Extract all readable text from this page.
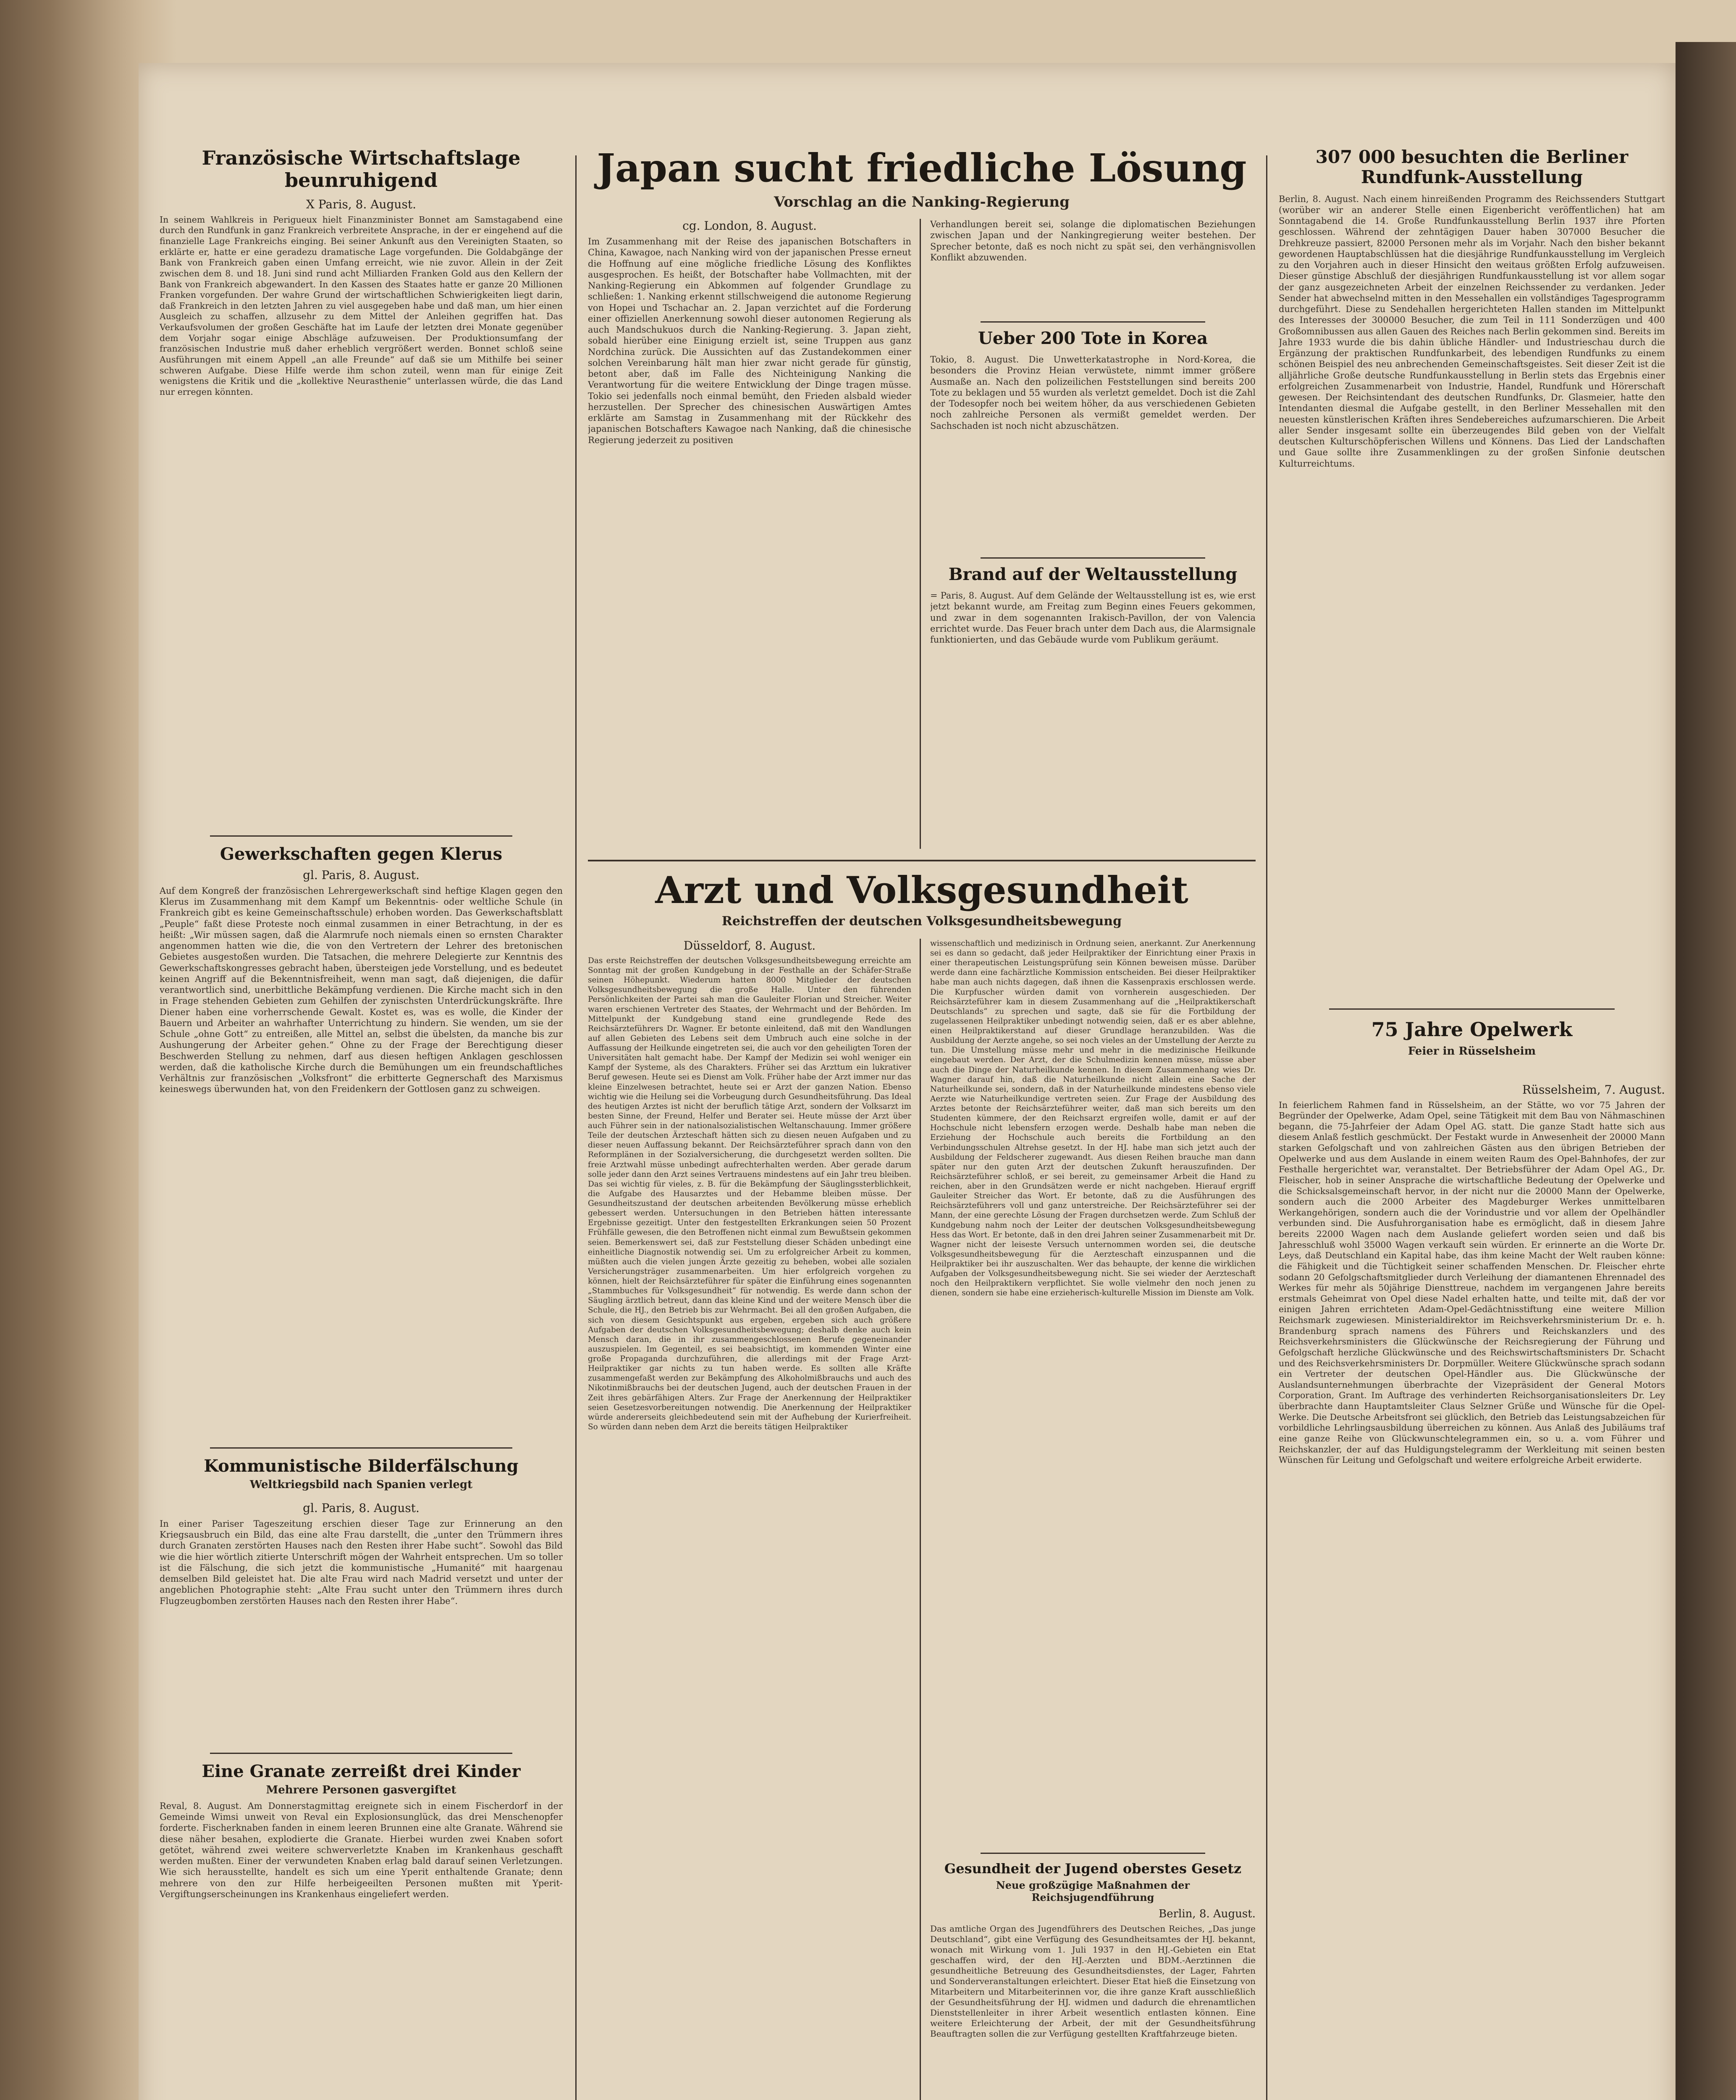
Französische Wirtschaftslage beunruhigend
X Paris, 8. August.
In seinem Wahlkreis in Perigueux hielt Finanzminister Bonnet am Samstagabend eine durch den Rundfunk in ganz Frankreich verbreitete Ansprache, in der er eingehend auf die finanzielle Lage Frankreichs einging. Bei seiner Ankunft aus den Vereinigten Staaten, so erklärte er, hatte er eine geradezu dramatische Lage vorgefunden. Die Goldabgänge der Bank von Frankreich gaben einen Umfang erreicht, wie nie zuvor. Allein in der Zeit zwischen dem 8. und 18. Juni sind rund acht Milliarden Franken Gold aus den Kellern der Bank von Frankreich abgewandert. In den Kassen des Staates hatte er ganze 20 Millionen Franken vorgefunden. Der wahre Grund der wirtschaftlichen Schwierigkeiten liegt darin, daß Frankreich in den letzten Jahren zu viel ausgegeben habe und daß man, um hier einen Ausgleich zu schaffen, allzusehr zu dem Mittel der Anleihen gegriffen hat. Das Verkaufsvolumen der großen Geschäfte hat im Laufe der letzten drei Monate gegenüber dem Vorjahr sogar einige Abschläge aufzuweisen. Der Produktionsumfang der französischen Industrie muß daher erheblich vergrößert werden. Bonnet schloß seine Ausführungen mit einem Appell „an alle Freunde“ auf daß sie um Mithilfe bei seiner schweren Aufgabe. Diese Hilfe werde ihm schon zuteil, wenn man für einige Zeit wenigstens die Kritik und die „kollektive Neurasthenie“ unterlassen würde, die das Land nur erregen könnten.
Gewerkschaften gegen Klerus
gl. Paris, 8. August.
Auf dem Kongreß der französischen Lehrergewerkschaft sind heftige Klagen gegen den Klerus im Zusammenhang mit dem Kampf um Bekenntnis- oder weltliche Schule (in Frankreich gibt es keine Gemeinschaftsschule) erhoben worden. Das Gewerkschaftsblatt „Peuple“ faßt diese Proteste noch einmal zusammen in einer Betrachtung, in der es heißt: „Wir müssen sagen, daß die Alarmrufe noch niemals einen so ernsten Charakter angenommen hatten wie die, die von den Vertretern der Lehrer des bretonischen Gebietes ausgestoßen wurden. Die Tatsachen, die mehrere Delegierte zur Kenntnis des Gewerkschaftskongresses gebracht haben, übersteigen jede Vorstellung, und es bedeutet keinen Angriff auf die Bekenntnisfreiheit, wenn man sagt, daß diejenigen, die dafür verantwortlich sind, unerbittliche Bekämpfung verdienen. Die Kirche macht sich in den in Frage stehenden Gebieten zum Gehilfen der zynischsten Unterdrückungskräfte. Ihre Diener haben eine vorherrschende Gewalt. Kostet es, was es wolle, die Kinder der Bauern und Arbeiter an wahrhafter Unterrichtung zu hindern. Sie wenden, um sie der Schule „ohne Gott“ zu entreißen, alle Mittel an, selbst die übelsten, da manche bis zur Aushungerung der Arbeiter gehen.“ Ohne zu der Frage der Berechtigung dieser Beschwerden Stellung zu nehmen, darf aus diesen heftigen Anklagen geschlossen werden, daß die katholische Kirche durch die Bemühungen um ein freundschaftliches Verhältnis zur französischen „Volksfront“ die erbitterte Gegnerschaft des Marxismus keineswegs überwunden hat, von den Freidenkern der Gottlosen ganz zu schweigen.
Kommunistische Bilderfälschung
Weltkriegsbild nach Spanien verlegt
gl. Paris, 8. August.
In einer Pariser Tageszeitung erschien dieser Tage zur Erinnerung an den Kriegsausbruch ein Bild, das eine alte Frau darstellt, die „unter den Trümmern ihres durch Granaten zerstörten Hauses nach den Resten ihrer Habe sucht“. Sowohl das Bild wie die hier wörtlich zitierte Unterschrift mögen der Wahrheit entsprechen. Um so toller ist die Fälschung, die sich jetzt die kommunistische „Humanité“ mit haargenau demselben Bild geleistet hat. Die alte Frau wird nach Madrid versetzt und unter der angeblichen Photographie steht: „Alte Frau sucht unter den Trümmern ihres durch Flugzeugbomben zerstörten Hauses nach den Resten ihrer Habe“.
Eine Granate zerreißt drei Kinder
Mehrere Personen gasvergiftet
Reval, 8. August. Am Donnerstagmittag ereignete sich in einem Fischerdorf in der Gemeinde Wimsi unweit von Reval ein Explosionsunglück, das drei Menschenopfer forderte. Fischerknaben fanden in einem leeren Brunnen eine alte Granate. Während sie diese näher besahen, explodierte die Granate. Hierbei wurden zwei Knaben sofort getötet, während zwei weitere schwerverletzte Knaben im Krankenhaus geschafft werden mußten. Einer der verwundeten Knaben erlag bald darauf seinen Verletzungen. Wie sich herausstellte, handelt es sich um eine Yperit enthaltende Granate; denn mehrere von den zur Hilfe herbeigeeilten Personen mußten mit Yperit-Vergiftungserscheinungen ins Krankenhaus eingeliefert werden.
Japan sucht friedliche Lösung
Vorschlag an die Nanking-Regierung
cg. London, 8. August.
Im Zusammenhang mit der Reise des japanischen Botschafters in China, Kawagoe, nach Nanking wird von der japanischen Presse erneut die Hoffnung auf eine mögliche friedliche Lösung des Konfliktes ausgesprochen. Es heißt, der Botschafter habe Vollmachten, mit der Nanking-Regierung ein Abkommen auf folgender Grundlage zu schließen: 1. Nanking erkennt stillschweigend die autonome Regierung von Hopei und Tschachar an. 2. Japan verzichtet auf die Forderung einer offiziellen Anerkennung sowohl dieser autonomen Regierung als auch Mandschukuos durch die Nanking-Regierung. 3. Japan zieht, sobald hierüber eine Einigung erzielt ist, seine Truppen aus ganz Nordchina zurück. Die Aussichten auf das Zustandekommen einer solchen Vereinbarung hält man hier zwar nicht gerade für günstig, betont aber, daß im Falle des Nichteinigung Nanking die Verantwortung für die weitere Entwicklung der Dinge tragen müsse. Tokio sei jedenfalls noch einmal bemüht, den Frieden alsbald wieder herzustellen. Der Sprecher des chinesischen Auswärtigen Amtes erklärte am Samstag in Zusammenhang mit der Rückkehr des japanischen Botschafters Kawagoe nach Nanking, daß die chinesische Regierung jederzeit zu positiven
Verhandlungen bereit sei, solange die diplomatischen Beziehungen zwischen Japan und der Nankingregierung weiter bestehen. Der Sprecher betonte, daß es noch nicht zu spät sei, den verhängnisvollen Konflikt abzuwenden.
Ueber 200 Tote in Korea
Tokio, 8. August. Die Unwetterkatastrophe in Nord-Korea, die besonders die Provinz Heian verwüstete, nimmt immer größere Ausmaße an. Nach den polizeilichen Feststellungen sind bereits 200 Tote zu beklagen und 55 wurden als verletzt gemeldet. Doch ist die Zahl der Todesopfer noch bei weitem höher, da aus verschiedenen Gebieten noch zahlreiche Personen als vermißt gemeldet werden. Der Sachschaden ist noch nicht abzuschätzen.
Brand auf der Weltausstellung
= Paris, 8. August. Auf dem Gelände der Weltausstellung ist es, wie erst jetzt bekannt wurde, am Freitag zum Beginn eines Feuers gekommen, und zwar in dem sogenannten Irakisch-Pavillon, der von Valencia errichtet wurde. Das Feuer brach unter dem Dach aus, die Alarmsignale funktionierten, und das Gebäude wurde vom Publikum geräumt.
Arzt und Volksgesundheit
Reichstreffen der deutschen Volksgesundheitsbewegung
Düsseldorf, 8. August.
Das erste Reichstreffen der deutschen Volksgesundheitsbewegung erreichte am Sonntag mit der großen Kundgebung in der Festhalle an der Schäfer-Straße seinen Höhepunkt. Wiederum hatten 8000 Mitglieder der deutschen Volksgesundheitsbewegung die große Halle. Unter den führenden Persönlichkeiten der Partei sah man die Gauleiter Florian und Streicher. Weiter waren erschienen Vertreter des Staates, der Wehrmacht und der Behörden. Im Mittelpunkt der Kundgebung stand eine grundlegende Rede des Reichsärzteführers Dr. Wagner. Er betonte einleitend, daß mit den Wandlungen auf allen Gebieten des Lebens seit dem Umbruch auch eine solche in der Auffassung der Heilkunde eingetreten sei, die auch vor den geheiligten Toren der Universitäten halt gemacht habe. Der Kampf der Medizin sei wohl weniger ein Kampf der Systeme, als des Charakters. Früher sei das Arzttum ein lukrativer Beruf gewesen. Heute sei es Dienst am Volk. Früher habe der Arzt immer nur das kleine Einzelwesen betrachtet, heute sei er Arzt der ganzen Nation. Ebenso wichtig wie die Heilung sei die Vorbeugung durch Gesundheitsführung. Das Ideal des heutigen Arztes ist nicht der beruflich tätige Arzt, sondern der Volksarzt im besten Sinne, der Freund, Helfer und Berater sei. Heute müsse der Arzt über auch Führer sein in der nationalsozialistischen Weltanschauung. Immer größere Teile der deutschen Ärzteschaft hätten sich zu diesen neuen Aufgaben und zu dieser neuen Auffassung bekannt. Der Reichsärzteführer sprach dann von den Reformplänen in der Sozialversicherung, die durchgesetzt werden sollten. Die freie Arztwahl müsse unbedingt aufrechterhalten werden. Aber gerade darum solle jeder dann den Arzt seines Vertrauens mindestens auf ein Jahr treu bleiben. Das sei wichtig für vieles, z. B. für die Bekämpfung der Säuglingssterblichkeit, die Aufgabe des Hausarztes und der Hebamme bleiben müsse. Der Gesundheitszustand der deutschen arbeitenden Bevölkerung müsse erheblich gebessert werden. Untersuchungen in den Betrieben hätten interessante Ergebnisse gezeitigt. Unter den festgestellten Erkrankungen seien 50 Prozent Frühfälle gewesen, die den Betroffenen nicht einmal zum Bewußtsein gekommen seien. Bemerkenswert sei, daß zur Feststellung dieser Schäden unbedingt eine einheitliche Diagnostik notwendig sei. Um zu erfolgreicher Arbeit zu kommen, müßten auch die vielen jungen Ärzte gezeitig zu beheben, wobei alle sozialen Versicherungsträger zusammenarbeiten. Um hier erfolgreich vorgehen zu können, hielt der Reichsärzteführer für später die Einführung eines sogenannten „Stammbuches für Volksgesundheit“ für notwendig. Es werde dann schon der Säugling ärztlich betreut, dann das kleine Kind und der weitere Mensch über die Schule, die HJ., den Betrieb bis zur Wehrmacht. Bei all den großen Aufgaben, die sich von diesem Gesichtspunkt aus ergeben, ergeben sich auch größere Aufgaben der deutschen Volksgesundheitsbewegung; deshalb denke auch kein Mensch daran, die in ihr zusammengeschlossenen Berufe gegeneinander auszuspielen. Im Gegenteil, es sei beabsichtigt, im kommenden Winter eine große Propaganda durchzuführen, die allerdings mit der Frage Arzt-Heilpraktiker gar nichts zu tun haben werde. Es sollten alle Kräfte zusammengefaßt werden zur Bekämpfung des Alkoholmißbrauchs und auch des Nikotinmißbrauchs bei der deutschen Jugend, auch der deutschen Frauen in der Zeit ihres gebärfähigen Alters. Zur Frage der Anerkennung der Heilpraktiker seien Gesetzesvorbereitungen notwendig. Die Anerkennung der Heilpraktiker würde andererseits gleichbedeutend sein mit der Aufhebung der Kurierfreiheit. So würden dann neben dem Arzt die bereits tätigen Heilpraktiker
wissenschaftlich und medizinisch in Ordnung seien, anerkannt. Zur Anerkennung sei es dann so gedacht, daß jeder Heilpraktiker der Einrichtung einer Praxis in einer therapeutischen Leistungsprüfung sein Können beweisen müsse. Darüber werde dann eine fachärztliche Kommission entscheiden. Bei dieser Heilpraktiker habe man auch nichts dagegen, daß ihnen die Kassenpraxis erschlossen werde. Die Kurpfuscher würden damit von vornherein ausgeschieden. Der Reichsärzteführer kam in diesem Zusammenhang auf die „Heilpraktikerschaft Deutschlands“ zu sprechen und sagte, daß sie für die Fortbildung der zugelassenen Heilpraktiker unbedingt notwendig seien, daß er es aber ablehne, einen Heilpraktikerstand auf dieser Grundlage heranzubilden. Was die Ausbildung der Aerzte angehe, so sei noch vieles an der Umstellung der Aerzte zu tun. Die Umstellung müsse mehr und mehr in die medizinische Heilkunde eingebaut werden. Der Arzt, der die Schulmedizin kennen müsse, müsse aber auch die Dinge der Naturheilkunde kennen. In diesem Zusammenhang wies Dr. Wagner darauf hin, daß die Naturheilkunde nicht allein eine Sache der Naturheilkunde sei, sondern, daß in der Naturheilkunde mindestens ebenso viele Aerzte wie Naturheilkundige vertreten seien. Zur Frage der Ausbildung des Arztes betonte der Reichsärzteführer weiter, daß man sich bereits um den Studenten kümmere, der den Reichsarzt ergreifen wolle, damit er auf der Hochschule nicht lebensfern erzogen werde. Deshalb habe man neben die Erziehung der Hochschule auch bereits die Fortbildung an den Verbindungsschulen Altrehse gesetzt. In der HJ. habe man sich jetzt auch der Ausbildung der Feldscherer zugewandt. Aus diesen Reihen brauche man dann später nur den guten Arzt der deutschen Zukunft herauszufinden. Der Reichsärzteführer schloß, er sei bereit, zu gemeinsamer Arbeit die Hand zu reichen, aber in den Grundsätzen werde er nicht nachgeben. Hierauf ergriff Gauleiter Streicher das Wort. Er betonte, daß zu die Ausführungen des Reichsärzteführers voll und ganz unterstreiche. Der Reichsärzteführer sei der Mann, der eine gerechte Lösung der Fragen durchsetzen werde. Zum Schluß der Kundgebung nahm noch der Leiter der deutschen Volksgesundheitsbewegung Hess das Wort. Er betonte, daß in den drei Jahren seiner Zusammenarbeit mit Dr. Wagner nicht der leiseste Versuch unternommen worden sei, die deutsche Volksgesundheitsbewegung für die Aerzteschaft einzuspannen und die Heilpraktiker bei ihr auszuschalten. Wer das behaupte, der kenne die wirklichen Aufgaben der Volksgesundheitsbewegung nicht. Sie sei wieder der Aerzteschaft noch den Heilpraktikern verpflichtet. Sie wolle vielmehr den noch jenen zu dienen, sondern sie habe eine erzieherisch-kulturelle Mission im Dienste am Volk.
Gesundheit der Jugend oberstes Gesetz
Neue großzügige Maßnahmen der Reichsjugendführung
Berlin, 8. August.
Das amtliche Organ des Jugendführers des Deutschen Reiches, „Das junge Deutschland“, gibt eine Verfügung des Gesundheitsamtes der HJ. bekannt, wonach mit Wirkung vom 1. Juli 1937 in den HJ.-Gebieten ein Etat geschaffen wird, der den HJ.-Aerzten und BDM.-Aerztinnen die gesundheitliche Betreuung des Gesundheitsdienstes, der Lager, Fahrten und Sonderveranstaltungen erleichtert. Dieser Etat hieß die Einsetzung von Mitarbeitern und Mitarbeiterinnen vor, die ihre ganze Kraft ausschließlich der Gesundheitsführung der HJ. widmen und dadurch die ehrenamtlichen Dienststellenleiter in ihrer Arbeit wesentlich entlasten können. Eine weitere Erleichterung der Arbeit, der mit der Gesundheitsführung Beauftragten sollen die zur Verfügung gestellten Kraftfahrzeuge bieten.
307 000 besuchten die Berliner Rundfunk-Ausstellung
Berlin, 8. August. Nach einem hinreißenden Programm des Reichssenders Stuttgart (worüber wir an anderer Stelle einen Eigenbericht veröffentlichen) hat am Sonntagabend die 14. Große Rundfunkausstellung Berlin 1937 ihre Pforten geschlossen. Während der zehntägigen Dauer haben 307000 Besucher die Drehkreuze passiert, 82000 Personen mehr als im Vorjahr. Nach den bisher bekannt gewordenen Hauptabschlüssen hat die diesjährige Rundfunkausstellung im Vergleich zu den Vorjahren auch in dieser Hinsicht den weitaus größten Erfolg aufzuweisen. Dieser günstige Abschluß der diesjährigen Rundfunkausstellung ist vor allem sogar der ganz ausgezeichneten Arbeit der einzelnen Reichssender zu verdanken. Jeder Sender hat abwechselnd mitten in den Messehallen ein vollständiges Tagesprogramm durchgeführt. Diese zu Sendehallen hergerichteten Hallen standen im Mittelpunkt des Interesses der 300000 Besucher, die zum Teil in 111 Sonderzügen und 400 Großomnibussen aus allen Gauen des Reiches nach Berlin gekommen sind. Bereits im Jahre 1933 wurde die bis dahin übliche Händler- und Industrieschau durch die Ergänzung der praktischen Rundfunkarbeit, des lebendigen Rundfunks zu einem schönen Beispiel des neu anbrechenden Gemeinschaftsgeistes. Seit dieser Zeit ist die alljährliche Große deutsche Rundfunkausstellung in Berlin stets das Ergebnis einer erfolgreichen Zusammenarbeit von Industrie, Handel, Rundfunk und Hörerschaft gewesen. Der Reichsintendant des deutschen Rundfunks, Dr. Glasmeier, hatte den Intendanten diesmal die Aufgabe gestellt, in den Berliner Messehallen mit den neuesten künstlerischen Kräften ihres Sendebereiches aufzumarschieren. Die Arbeit aller Sender insgesamt sollte ein überzeugendes Bild geben von der Vielfalt deutschen Kulturschöpferischen Willens und Könnens. Das Lied der Landschaften und Gaue sollte ihre Zusammenklingen zu der großen Sinfonie deutschen Kulturreichtums.
75 Jahre Opelwerk
Feier in Rüsselsheim
Rüsselsheim, 7. August.
In feierlichem Rahmen fand in Rüsselsheim, an der Stätte, wo vor 75 Jahren der Begründer der Opelwerke, Adam Opel, seine Tätigkeit mit dem Bau von Nähmaschinen begann, die 75-Jahrfeier der Adam Opel AG. statt. Die ganze Stadt hatte sich aus diesem Anlaß festlich geschmückt. Der Festakt wurde in Anwesenheit der 20000 Mann starken Gefolgschaft und von zahlreichen Gästen aus den übrigen Betrieben der Opelwerke und aus dem Auslande in einem weiten Raum des Opel-Bahnhofes, der zur Festhalle hergerichtet war, veranstaltet. Der Betriebsführer der Adam Opel AG., Dr. Fleischer, hob in seiner Ansprache die wirtschaftliche Bedeutung der Opelwerke und die Schicksalsgemeinschaft hervor, in der nicht nur die 20000 Mann der Opelwerke, sondern auch die 2000 Arbeiter des Magdeburger Werkes unmittelbaren Werkangehörigen, sondern auch die der Vorindustrie und vor allem der Opelhändler verbunden sind. Die Ausfuhrorganisation habe es ermöglicht, daß in diesem Jahre bereits 22000 Wagen nach dem Auslande geliefert worden seien und daß bis Jahresschluß wohl 35000 Wagen verkauft sein würden. Er erinnerte an die Worte Dr. Leys, daß Deutschland ein Kapital habe, das ihm keine Macht der Welt rauben könne: die Fähigkeit und die Tüchtigkeit seiner schaffenden Menschen. Dr. Fleischer ehrte sodann 20 Gefolgschaftsmitglieder durch Verleihung der diamantenen Ehrennadel des Werkes für mehr als 50jährige Diensttreue, nachdem im vergangenen Jahre bereits erstmals Geheimrat von Opel diese Nadel erhalten hatte, und teilte mit, daß der vor einigen Jahren errichteten Adam-Opel-Gedächtnisstiftung eine weitere Million Reichsmark zugewiesen. Ministerialdirektor im Reichsverkehrsministerium Dr. e. h. Brandenburg sprach namens des Führers und Reichskanzlers und des Reichsverkehrsministers die Glückwünsche der Reichsregierung der Führung und Gefolgschaft herzliche Glückwünsche und des Reichswirtschaftsministers Dr. Schacht und des Reichsverkehrsministers Dr. Dorpmüller. Weitere Glückwünsche sprach sodann ein Vertreter der deutschen Opel-Händler aus. Die Glückwünsche der Auslandsunternehmungen überbrachte der Vizepräsident der General Motors Corporation, Grant. Im Auftrage des verhinderten Reichsorganisationsleiters Dr. Ley überbrachte dann Hauptamtsleiter Claus Selzner Grüße und Wünsche für die Opel-Werke. Die Deutsche Arbeitsfront sei glücklich, den Betrieb das Leistungsabzeichen für vorbildliche Lehrlingsausbildung überreichen zu können. Aus Anlaß des Jubiläums traf eine ganze Reihe von Glückwunschtelegrammen ein, so u. a. vom Führer und Reichskanzler, der auf das Huldigungstelegramm der Werkleitung mit seinen besten Wünschen für Leitung und Gefolgschaft und weitere erfolgreiche Arbeit erwiderte.
